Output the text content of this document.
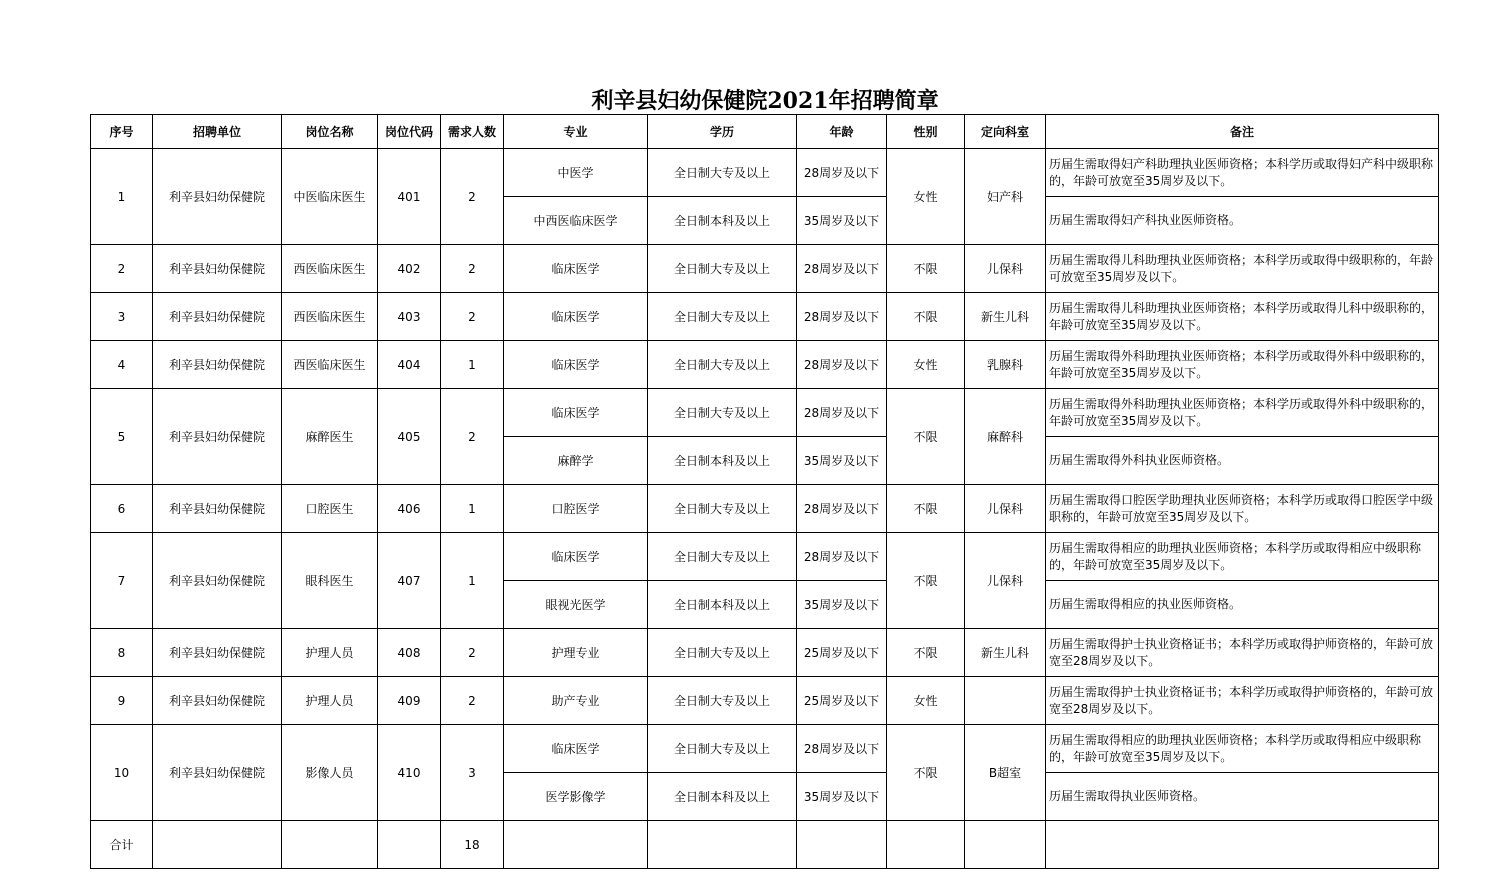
利辛县妇幼保健院2021年招聘简章
序号	招聘单位	岗位名称	岗位代码	需求人数	专业	学历	年龄	性别	定向科室	备注
1	利辛县妇幼保健院	中医临床医生	401	2	中医学	全日制大专及以上	28周岁及以下	女性	妇产科	历届生需取得妇产科助理执业医师资格；本科学历或取得妇产科中级职称的，年龄可放宽至35周岁及以下。
					中西医临床医学	全日制本科及以上	35周岁及以下			历届生需取得妇产科执业医师资格。
2	利辛县妇幼保健院	西医临床医生	402	2	临床医学	全日制大专及以上	28周岁及以下	不限	儿保科	历届生需取得儿科助理执业医师资格；本科学历或取得中级职称的，年龄可放宽至35周岁及以下。
3	利辛县妇幼保健院	西医临床医生	403	2	临床医学	全日制大专及以上	28周岁及以下	不限	新生儿科	历届生需取得儿科助理执业医师资格；本科学历或取得儿科中级职称的，年龄可放宽至35周岁及以下。
4	利辛县妇幼保健院	西医临床医生	404	1	临床医学	全日制大专及以上	28周岁及以下	女性	乳腺科	历届生需取得外科助理执业医师资格；本科学历或取得外科中级职称的，年龄可放宽至35周岁及以下。
5	利辛县妇幼保健院	麻醉医生	405	2	临床医学	全日制大专及以上	28周岁及以下	不限	麻醉科	历届生需取得外科助理执业医师资格；本科学历或取得外科中级职称的，年龄可放宽至35周岁及以下。
					麻醉学	全日制本科及以上	35周岁及以下			历届生需取得外科执业医师资格。
6	利辛县妇幼保健院	口腔医生	406	1	口腔医学	全日制大专及以上	28周岁及以下	不限	儿保科	历届生需取得口腔医学助理执业医师资格；本科学历或取得口腔医学中级职称的，年龄可放宽至35周岁及以下。
7	利辛县妇幼保健院	眼科医生	407	1	临床医学	全日制大专及以上	28周岁及以下	不限	儿保科	历届生需取得相应的助理执业医师资格；本科学历或取得相应中级职称的，年龄可放宽至35周岁及以下。
					眼视光医学	全日制本科及以上	35周岁及以下			历届生需取得相应的执业医师资格。
8	利辛县妇幼保健院	护理人员	408	2	护理专业	全日制大专及以上	25周岁及以下	不限	新生儿科	历届生需取得护士执业资格证书；本科学历或取得护师资格的，年龄可放宽至28周岁及以下。
9	利辛县妇幼保健院	护理人员	409	2	助产专业	全日制大专及以上	25周岁及以下	女性		历届生需取得护士执业资格证书；本科学历或取得护师资格的，年龄可放宽至28周岁及以下。
10	利辛县妇幼保健院	影像人员	410	3	临床医学	全日制大专及以上	28周岁及以下	不限	B超室	历届生需取得相应的助理执业医师资格；本科学历或取得相应中级职称的，年龄可放宽至35周岁及以下。
					医学影像学	全日制本科及以上	35周岁及以下			历届生需取得执业医师资格。
合计				18						
